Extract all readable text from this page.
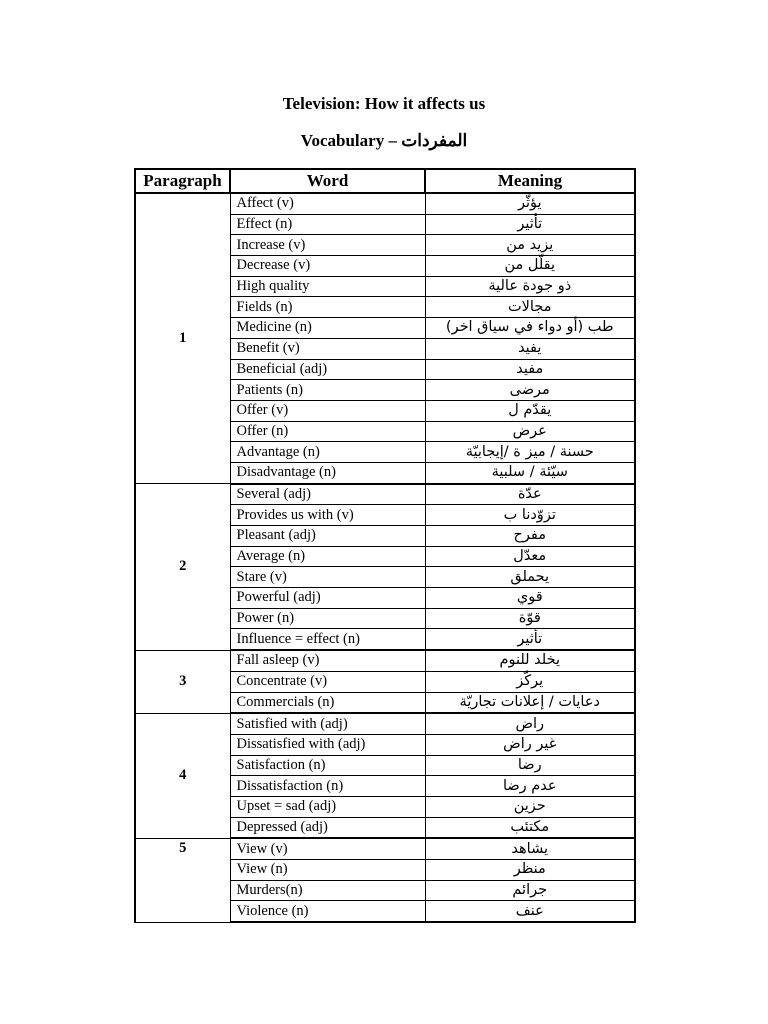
Television: How it affects us
Vocabulary – المفردات
Paragraph	Word	Meaning
1	Affect (v)	يؤثّر
	Effect (n)	تأثير
	Increase (v)	يزيد من
	Decrease (v)	يقلّل من
	High quality	ذو جودة عالية
	Fields (n)	مجالات
	Medicine (n)	طب (أو دواء في سياق اخر)
	Benefit (v)	يفيد
	Beneficial (adj)	مفيد
	Patients (n)	مرضى
	Offer (v)	يقدّم ل
	Offer (n)	عرض
	Advantage (n)	حسنة / ميز ة /إيجابيّة
	Disadvantage (n)	سيّئة / سلبية
2	Several (adj)	عدّة
	Provides us with (v)	تزوّدنا ب
	Pleasant (adj)	مفرح
	Average (n)	معدّل
	Stare (v)	يحملق
	Powerful (adj)	قوي
	Power (n)	قوّة
	Influence = effect (n)	تأثير
3	Fall asleep (v)	يخلد للنوم
	Concentrate (v)	يركّز
	Commercials (n)	دعايات / إعلانات تجاريّة
4	Satisfied with (adj)	راض
	Dissatisfied with (adj)	غير راض
	Satisfaction (n)	رضا
	Dissatisfaction (n)	عدم رضا
	Upset = sad (adj)	حزين
	Depressed (adj)	مكتئب
5	View (v)	يشاهد
	View (n)	منظر
	Murders(n)	جرائم
	Violence (n)	عنف
